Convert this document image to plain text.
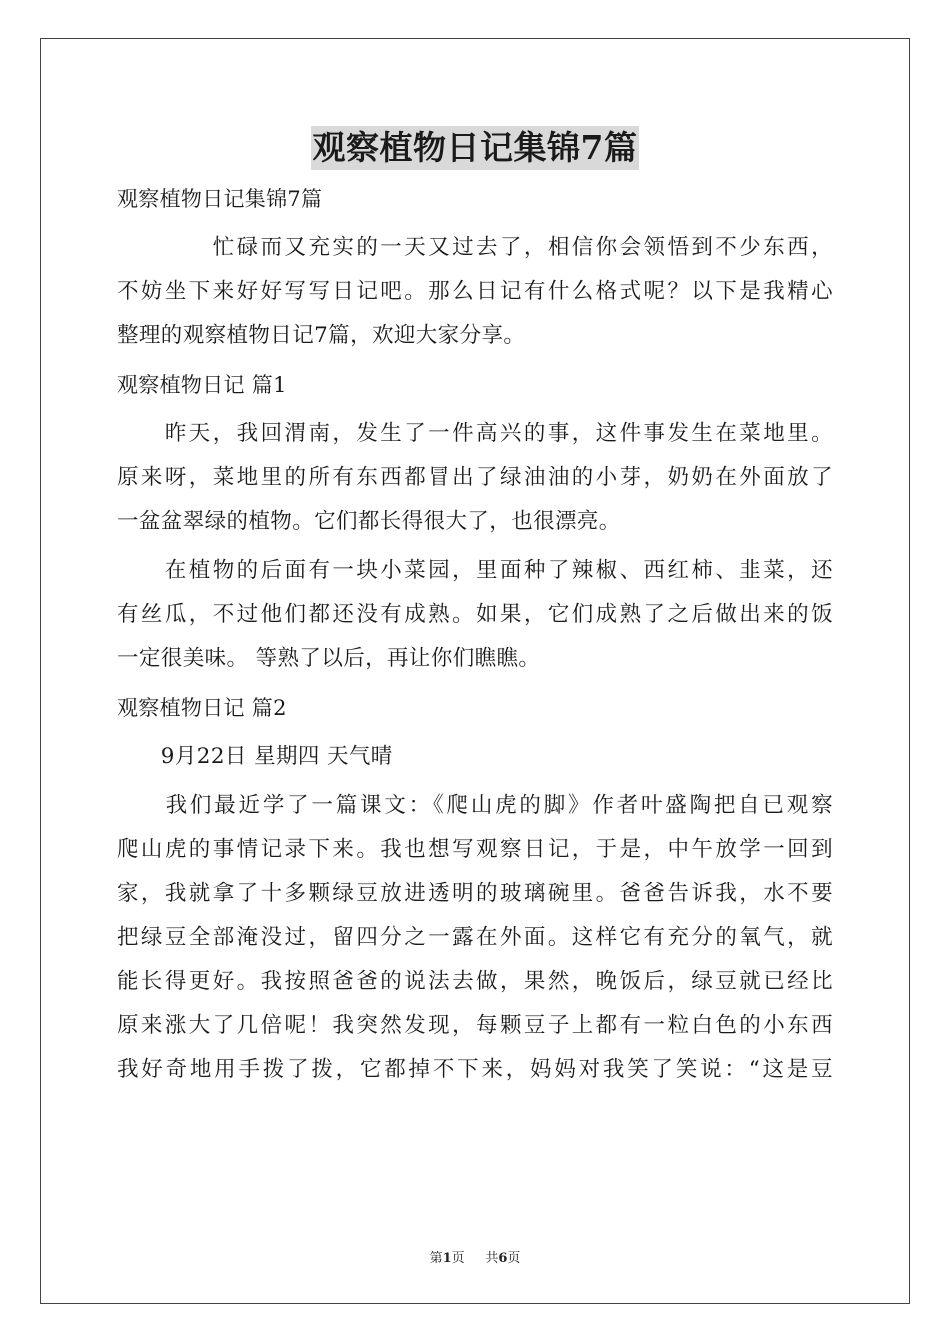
观察植物日记集锦7篇
观察植物日记集锦7篇
　　　　忙碌而又充实的一天又过去了，相信你会领悟到不少东西，
不妨坐下来好好写写日记吧。那么日记有什么格式呢？以下是我精心
整理的观察植物日记7篇，欢迎大家分享。
观察植物日记 篇1
　　昨天，我回渭南，发生了一件高兴的事，这件事发生在菜地里。
原来呀，菜地里的所有东西都冒出了绿油油的小芽，奶奶在外面放了
一盆盆翠绿的植物。它们都长得很大了，也很漂亮。
　　在植物的后面有一块小菜园，里面种了辣椒、西红柿、韭菜，还
有丝瓜，不过他们都还没有成熟。如果，它们成熟了之后做出来的饭
一定很美味。 等熟了以后，再让你们瞧瞧。
观察植物日记 篇2
　　9月22日 星期四 天气晴
　　我们最近学了一篇课文：《爬山虎的脚》作者叶盛陶把自已观察
爬山虎的事情记录下来。我也想写观察日记，于是，中午放学一回到
家，我就拿了十多颗绿豆放进透明的玻璃碗里。爸爸告诉我，水不要
把绿豆全部淹没过，留四分之一露在外面。这样它有充分的氧气，就
能长得更好。我按照爸爸的说法去做，果然，晚饭后，绿豆就已经比
原来涨大了几倍呢！我突然发现，每颗豆子上都有一粒白色的小东西
我好奇地用手拨了拨，它都掉不下来，妈妈对我笑了笑说：“这是豆
第1页 共6页
